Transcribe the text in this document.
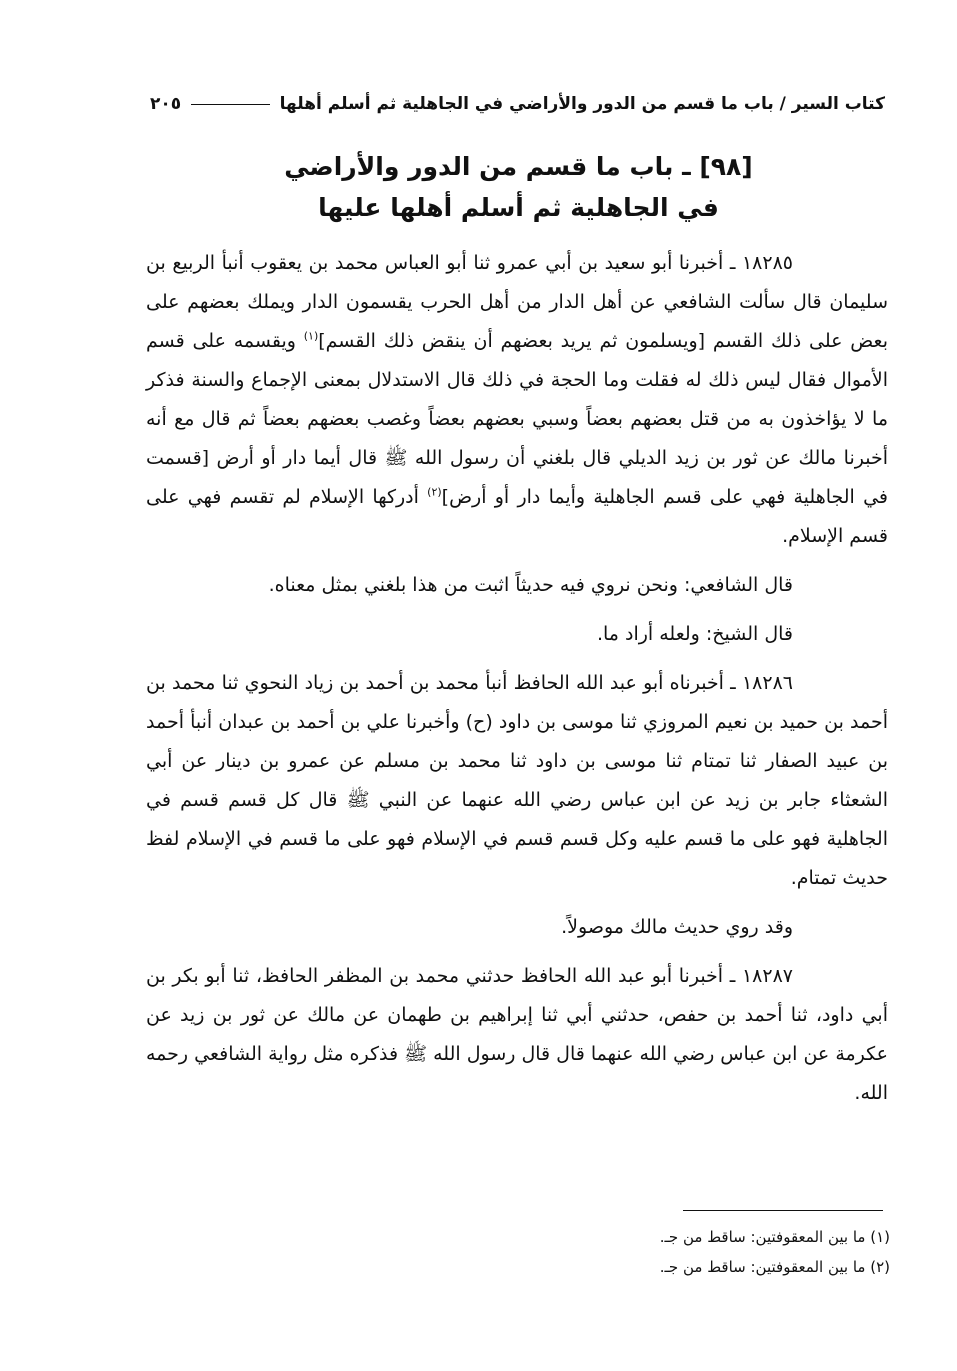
كتاب السير / باب ما قسم من الدور والأراضي في الجاهلية ثم أسلم أهلها
٢٠٥
[٩٨] ـ باب ما قسم من الدور والأراضي
في الجاهلية ثم أسلم أهلها عليها

١٨٢٨٥ ـ أخبرنا أبو سعيد بن أبي عمرو ثنا أبو العباس محمد بن يعقوب أنبأ الربيع بن سليمان قال سألت الشافعي عن أهل الدار من أهل الحرب يقسمون الدار ويملك بعضهم على بعض على ذلك القسم [ويسلمون ثم يريد بعضهم أن ينقض ذلك القسم]$^{(١)}$ ويقسمه على قسم الأموال فقال ليس ذلك له فقلت وما الحجة في ذلك قال الاستدلال بمعنى الإجماع والسنة فذكر ما لا يؤاخذون به من قتل بعضهم بعضاً وسبي بعضهم بعضاً وغصب بعضهم بعضاً ثم قال مع أنه أخبرنا مالك عن ثور بن زيد الديلي قال بلغني أن رسول الله ﷺ قال أيما دار أو أرض [قسمت في الجاهلية فهي على قسم الجاهلية وأيما دار أو أرض]$^{(٢)}$ أدركها الإسلام لم تقسم فهي على قسم الإسلام.

قال الشافعي: ونحن نروي فيه حديثاً اثبت من هذا بلغني بمثل معناه.

قال الشيخ: ولعله أراد ما.

١٨٢٨٦ ـ أخبرناه أبو عبد الله الحافظ أنبأ محمد بن أحمد بن زياد النحوي ثنا محمد بن أحمد بن حميد بن نعيم المروزي ثنا موسى بن داود (ح) وأخبرنا علي بن أحمد بن عبدان أنبأ أحمد بن عبيد الصفار ثنا تمتام ثنا موسى بن داود ثنا محمد بن مسلم عن عمرو بن دينار عن أبي الشعثاء جابر بن زيد عن ابن عباس رضي الله عنهما عن النبي ﷺ قال كل قسم قسم في الجاهلية فهو على ما قسم عليه وكل قسم قسم في الإسلام فهو على ما قسم في الإسلام لفظ حديث تمتام.

وقد روي حديث مالك موصولاً.

١٨٢٨٧ ـ أخبرنا أبو عبد الله الحافظ حدثني محمد بن المظفر الحافظ، ثنا أبو بكر بن أبي داود، ثنا أحمد بن حفص، حدثني أبي ثنا إبراهيم بن طهمان عن مالك عن ثور بن زيد عن عكرمة عن ابن عباس رضي الله عنهما قال قال رسول الله ﷺ فذكره مثل رواية الشافعي رحمه الله.

(١) ما بين المعقوفتين: ساقط من جـ.

(٢) ما بين المعقوفتين: ساقط من جـ.
